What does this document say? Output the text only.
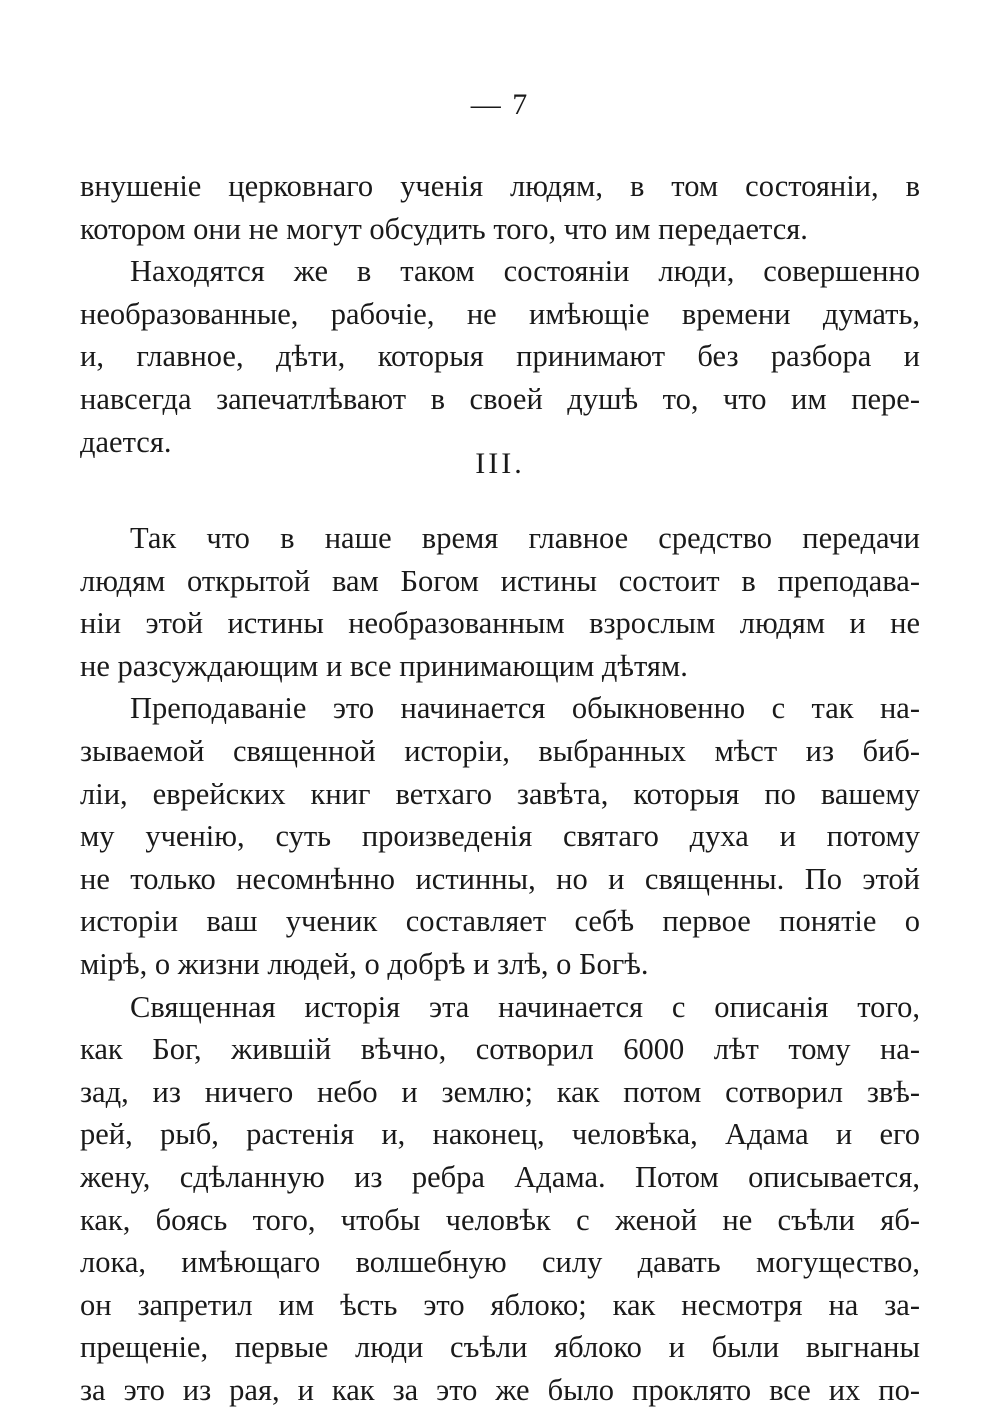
— 7
внушеніе церковнаго ученія людям, в том состояніи, в
котором они не могут обсудить того, что им передается.
Находятся же в таком состояніи люди, совершенно
необразованные, рабочіе, не имѣющіе времени думать,
и, главное, дѣти, которыя принимают без разбора и
навсегда запечатлѣвают в своей душѣ то, что им пере-
дается.
III.
Так что в наше время главное средство передачи
людям открытой вам Богом истины состоит в преподава-
ніи этой истины необразованным взрослым людям и не
не разсуждающим и все принимающим дѣтям.
Преподаваніе это начинается обыкновенно с так на-
зываемой священной исторіи, выбранных мѣст из биб-
ліи, еврейских книг ветхаго завѣта, которыя по вашему
му ученію, суть произведенія святаго духа и потому
не только несомнѣнно истинны, но и священны. По этой
исторіи ваш ученик составляет себѣ первое понятіе о
мірѣ, о жизни людей, о добрѣ и злѣ, о Богѣ.
Священная исторія эта начинается с описанія того,
как Бог, жившій вѣчно, сотворил 6000 лѣт тому на-
зад, из ничего небо и землю; как потом сотворил звѣ-
рей, рыб, растенія и, наконец, человѣка, Адама и его
жену, сдѣланную из ребра Адама. Потом описывается,
как, боясь того, чтобы человѣк с женой не съѣли яб-
лока, имѣющаго волшебную силу давать могущество,
он запретил им ѣсть это яблоко; как несмотря на за-
прещеніе, первые люди съѣли яблоко и были выгнаны
за это из рая, и как за это же было проклято все их по-
